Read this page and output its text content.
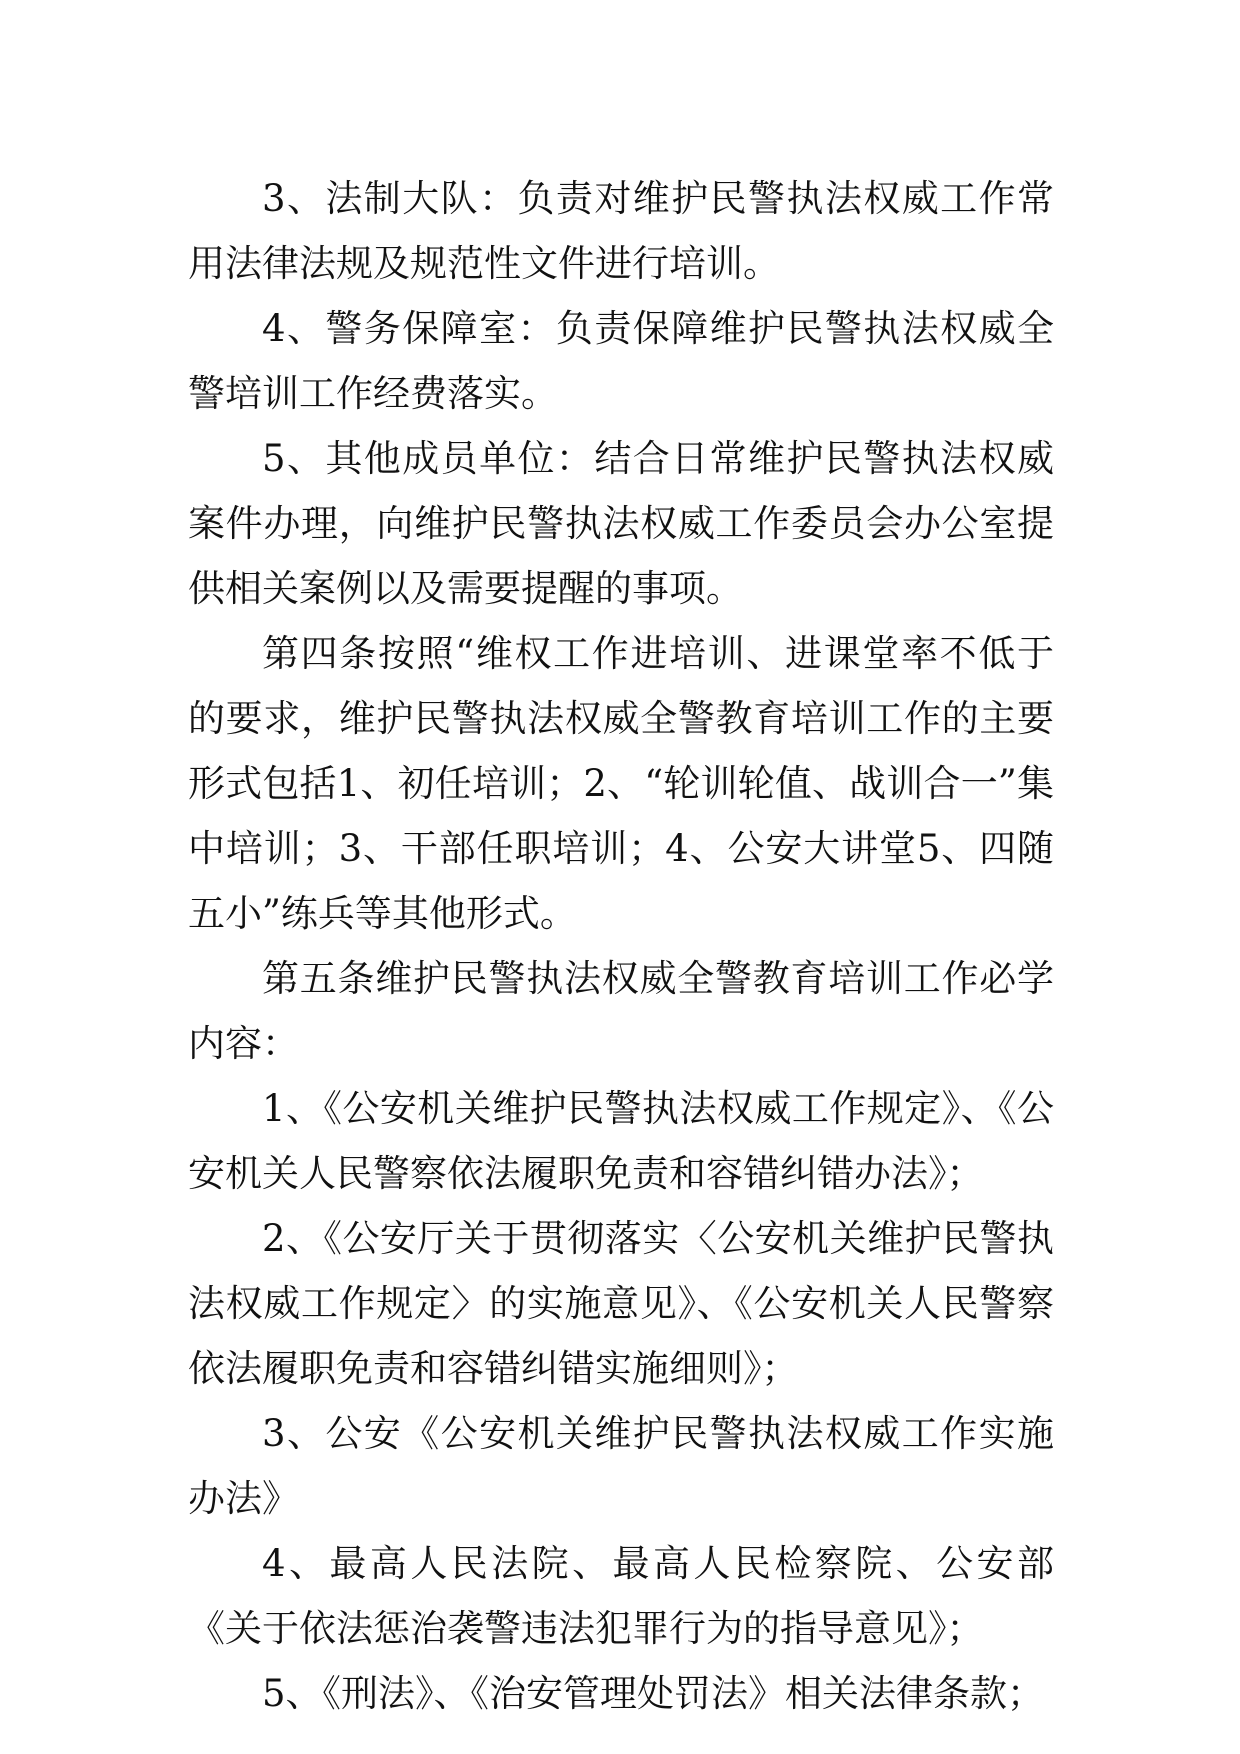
3、法制大队：负责对维护民警执法权威工作常用法律法规及规范性文件进行培训。

4、警务保障室：负责保障维护民警执法权威全警培训工作经费落实。

5、其他成员单位：结合日常维护民警执法权威案件办理，向维护民警执法权威工作委员会办公室提供相关案例以及需要提醒的事项。

第四条按照“维权工作进培训、进课堂率不低于的要求，维护民警执法权威全警教育培训工作的主要形式包括1、初任培训；2、“轮训轮值、战训合一”集中培训；3、干部任职培训；4、公安大讲堂5、四随五小”练兵等其他形式。

第五条维护民警执法权威全警教育培训工作必学内容：

1、《公安机关维护民警执法权威工作规定》、《公安机关人民警察依法履职免责和容错纠错办法》；

2、《公安厅关于贯彻落实〈公安机关维护民警执法权威工作规定〉的实施意见》、《公安机关人民警察依法履职免责和容错纠错实施细则》；

3、公安《公安机关维护民警执法权威工作实施办法》

4、最高人民法院、最高人民检察院、公安部《关于依法惩治袭警违法犯罪行为的指导意见》；

5、《刑法》、《治安管理处罚法》相关法律条款；
